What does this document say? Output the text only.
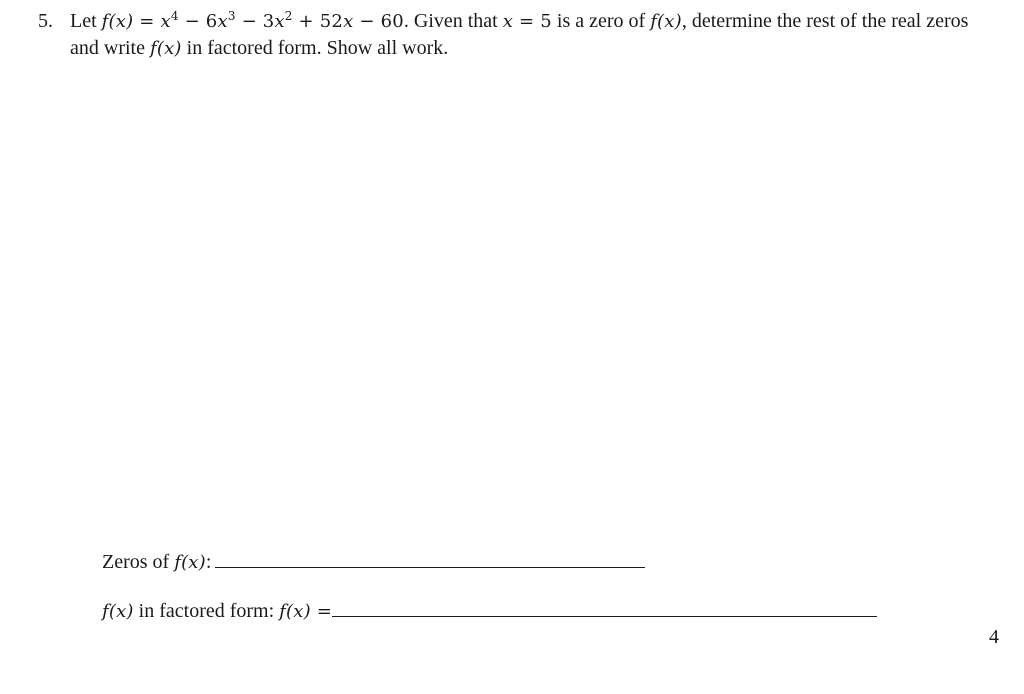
5. Let $f(x) = x^4 - 6x^3 - 3x^2 + 52x - 60$. Given that x = 5 is a zero of f(x), determine the rest of the real zeros and write f(x) in factored form. Show all work.
Zeros of f(x):
f(x) in factored form: f(x) =
4
